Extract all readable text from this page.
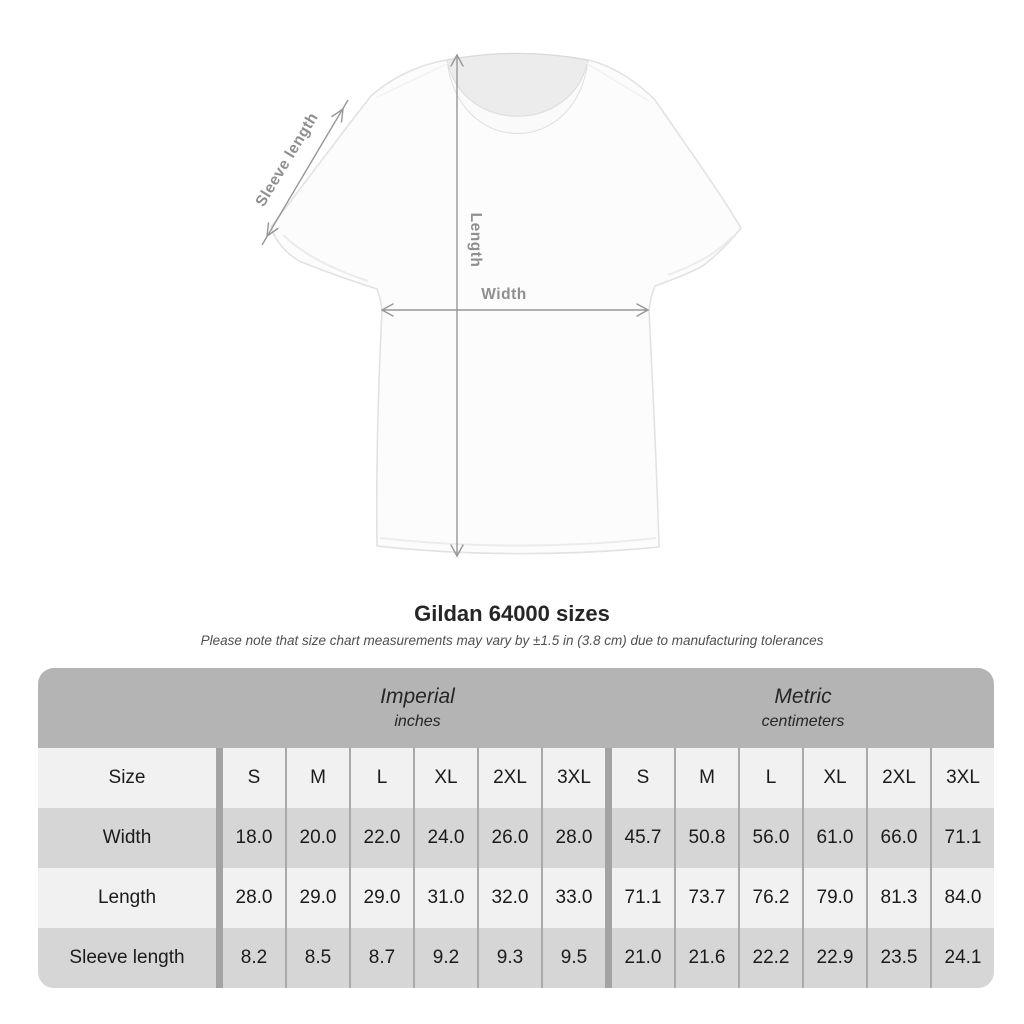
Length
Width
Sleeve length
Gildan 64000 sizes
Please note that size chart measurements may vary by ±1.5 in (3.8 cm) due to manufacturing tolerances
Imperial
inches
Metric
centimeters
Size	S	M	L	XL	2XL	3XL	S	M	L	XL	2XL	3XL
Width	18.0	20.0	22.0	24.0	26.0	28.0	45.7	50.8	56.0	61.0	66.0	71.1
Length	28.0	29.0	29.0	31.0	32.0	33.0	71.1	73.7	76.2	79.0	81.3	84.0
Sleeve length	8.2	8.5	8.7	9.2	9.3	9.5	21.0	21.6	22.2	22.9	23.5	24.1
